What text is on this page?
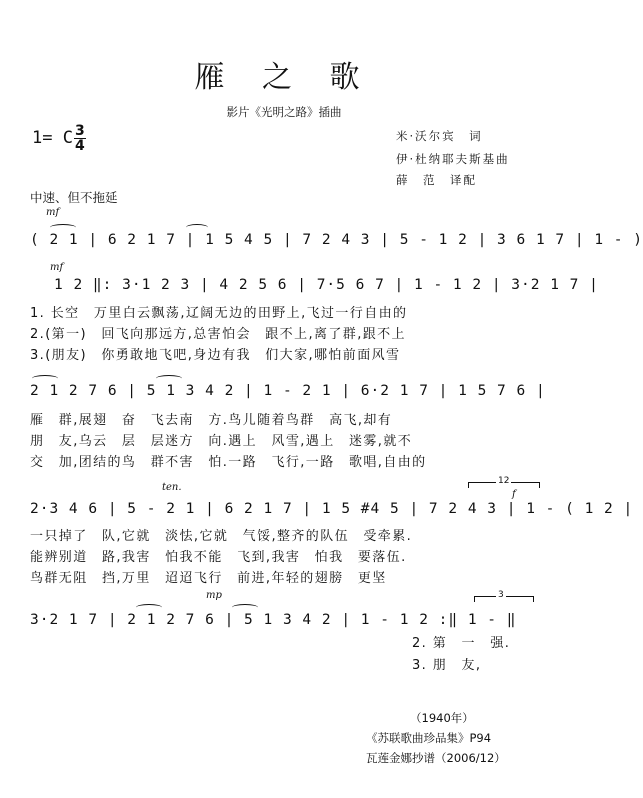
雁 之 歌
影片《光明之路》插曲
1= C 3
4
米·沃尔宾　词
伊·杜纳耶夫斯基曲
薛　范　译配
中速、但不拖延
mf
( 2 1 | 6 2 1 7 | 1 5 4 5 | 7 2 4 3 | 5 - 1 2 | 3 6 1 7 | 1 - )
mf
1 2 ‖: 3·1 2 3 | 4 2 5 6 | 7·5 6 7 | 1 - 1 2 | 3·2 1 7 |
1. 长空　万里白云飘荡,辽阔无边的田野上,飞过一行自由的
2.(第一)　回飞向那远方,总害怕会　跟不上,离了群,跟不上
3.(朋友)　你勇敢地飞吧,身边有我　们大家,哪怕前面风雪
2 1 2 7 6 | 5 1 3 4 2 | 1 - 2 1 | 6·2 1 7 | 1 5 7 6 |
雁　群,展翅　奋　飞去南　方.鸟儿随着鸟群　高飞,却有
朋　友,乌云　层　层迷方　向.遇上　风雪,遇上　迷雾,就不
交　加,团结的鸟　群不害　怕.一路　飞行,一路　歌唱,自由的
ten.
12
f
2·3 4 6 | 5 - 2 1 | 6 2 1 7 | 1 5 #4 5 | 7 2 4 3 | 1 - ( 1 2 |
一只掉了　队,它就　淡怯,它就　气馁,整齐的队伍　受牵累.
能辨别道　路,我害　怕我不能　飞到,我害　怕我　要落伍.
鸟群无阻　挡,万里　迢迢飞行　前进,年轻的翅膀　更坚
mp	3
3·2 1 7 | 2 1 2 7 6 | 5 1 3 4 2 | 1 - 1 2 :‖ 1 - ‖
2. 第　一　强.
3. 朋　友,
（1940年）
《苏联歌曲珍品集》P94
瓦莲金娜抄谱（2006/12）
